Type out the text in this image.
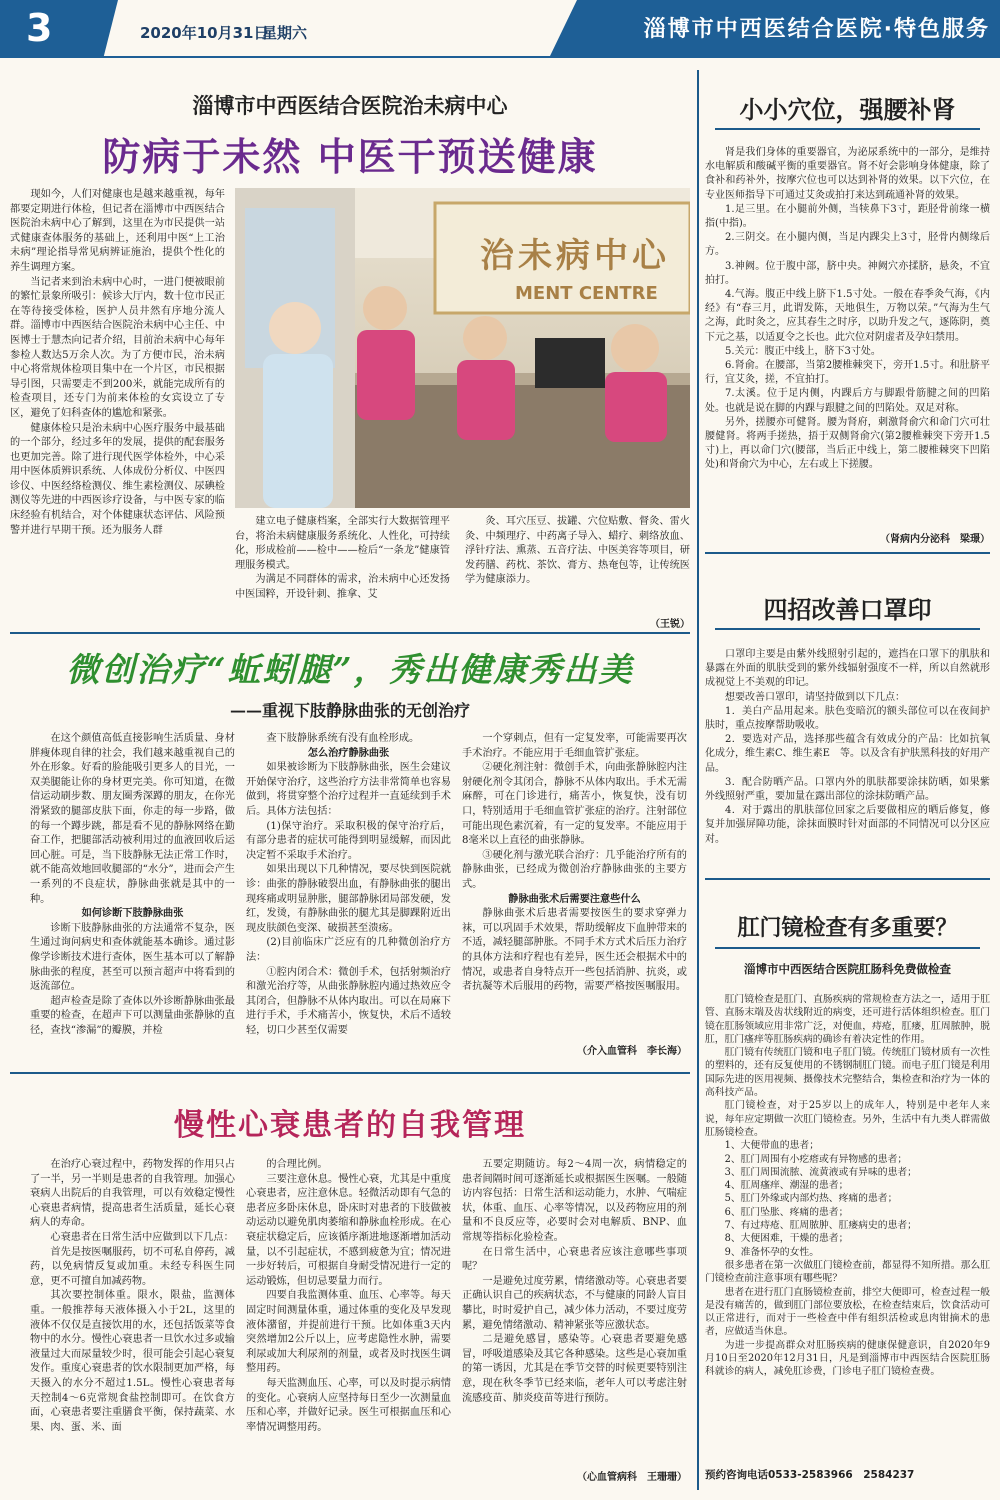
3	2020年10月31日
星期六	淄博市中西医结合医院·特色服务
淄博市中西医结合医院治未病中心
防病于未然 中医干预送健康
治未病中心
MENT CENTRE
现如今，人们对健康也是越来越重视，每年都要定期进行体检，但记者在淄博市中西医结合医院治未病中心了解到，这里在为市民提供一站式健康查体服务的基础上，还利用中医“上工治未病”理论指导常见病辨证施治，提供个性化的养生调理方案。
当记者来到治未病中心时，一进门便被眼前的繁忙景象所吸引：候诊大厅内，数十位市民正在等待接受体检，医护人员井然有序地分流人群。淄博市中西医结合医院治未病中心主任、中医博士于慧杰向记者介绍，目前治未病中心每年参检人数达5万余人次。为了方便市民，治未病中心将常规体检项目集中在一个片区，市民根据导引图，只需要走不到200米，就能完成所有的检查项目，还专门为前来体检的女宾设立了专区，避免了妇科查体的尴尬和紧张。
健康体检只是治未病中心医疗服务中最基础的一个部分，经过多年的发展，提供的配套服务也更加完善。除了进行现代医学体检外，中心采用中医体质辨识系统、人体成份分析仪、中医四诊仪、中医经络检测仪、维生素检测仪、尿碘检测仪等先进的中西医诊疗设备，与中医专家的临床经验有机结合，对个体健康状态评估、风险预警并进行早期干预。还为服务人群
建立电子健康档案，全部实行大数据管理平台，将治未病健康服务系统化、人性化，可持续化，形成检前——检中——检后“一条龙”健康管理服务模式。
为满足不同群体的需求，治未病中心还发扬中医国粹，开设针刺、推拿、艾
灸、耳穴压豆、拔罐、穴位贴敷、督灸、雷火灸、中频理疗、中药离子导入、蜡疗、刺络放血、浮针疗法、熏蒸、五音疗法、中医美容等项目，研发药膳、药枕、茶饮、膏方、热奄包等，让传统医学为健康添力。
（王锐）
微创治疗“蚯蚓腿”，秀出健康秀出美
——重视下肢静脉曲张的无创治疗
在这个颜值高低直接影响生活质量、身材胖瘦体现自律的社会，我们越来越重视自己的外在形象。好看的脸能吸引更多人的目光，一双美腿能让你的身材更完美。你可知道，在微信运动刷步数、朋友圈秀深蹲的朋友，在你光滑紧致的腿部皮肤下面，你走的每一步路，做的每一个蹲步跳，都是看不见的静脉网络在勤奋工作，把腿部活动被利用过的血液回收后运回心脏。可是，当下肢静脉无法正常工作时，就不能高效地回收腿部的“水分”，进而会产生一系列的不良症状，静脉曲张就是其中的一种。
如何诊断下肢静脉曲张
诊断下肢静脉曲张的方法通常不复杂，医生通过询问病史和查体就能基本确诊。通过影像学诊断技术进行查体，医生基本可以了解静脉曲张的程度，甚至可以预言超声中将看到的返流部位。
超声检查是除了查体以外诊断静脉曲张最重要的检查，在超声下可以测量曲张静脉的直径，查找“渗漏”的瓣膜，并检
查下肢静脉系统有没有血栓形成。
怎么治疗静脉曲张
如果被诊断为下肢静脉曲张，医生会建议开始保守治疗，这些治疗方法非常简单也容易做到，将贯穿整个治疗过程并一直延续到手术后。具体方法包括：
(1)保守治疗。采取积极的保守治疗后，有部分患者的症状可能得到明显缓解，而因此决定暂不采取手术治疗。
如果出现以下几种情况，要尽快到医院就诊：曲张的静脉破裂出血，有静脉曲张的腿出现疼痛或明显肿胀，腿部静脉团局部发硬，发红，发烫，有静脉曲张的腿尤其是脚踝附近出现皮肤颜色变深、破损甚至溃疡。
(2)目前临床广泛应有的几种微创治疗方法：
①腔内闭合术：微创手术，包括射频治疗和激光治疗等，从曲张静脉腔内通过热效应令其闭合，但静脉不从体内取出。可以在局麻下进行手术，手术痛苦小，恢复快，术后不适较轻，切口少甚至仅需要
一个穿刺点，但有一定复发率，可能需要再次手术治疗。不能应用于毛细血管扩张症。
②硬化剂注射：微创手术，向曲张静脉腔内注射硬化剂令其闭合，静脉不从体内取出。手术无需麻醉，可在门诊进行，痛苦小，恢复快，没有切口，特别适用于毛细血管扩张症的治疗。注射部位可能出现色素沉着，有一定的复发率。不能应用于8毫米以上直径的曲张静脉。
③硬化剂与激光联合治疗：几乎能治疗所有的静脉曲张，已经成为微创治疗静脉曲张的主要方式。
静脉曲张术后需要注意些什么
静脉曲张术后患者需要按医生的要求穿弹力袜，可以巩固手术效果，帮助缓解皮下血肿带来的不适，减轻腿部肿胀。不同手术方式术后压力治疗的具体方法和疗程也有差异，医生还会根据术中的情况，或患者自身特点开一些包括消肿、抗炎，或者抗凝等术后服用的药物，需要严格按医嘱服用。
（介入血管科　李长海）
慢性心衰患者的自我管理
在治疗心衰过程中，药物发挥的作用只占了一半，另一半则是患者的自我管理。加强心衰病人出院后的自我管理，可以有效稳定慢性心衰患者病情，提高患者生活质量，延长心衰病人的寿命。
心衰患者在日常生活中应做到以下几点：
首先是按医嘱服药，切不可私自停药，减药，以免病情反复或加重。未经专科医生同意，更不可擅自加减药物。
其次要控制体重。限水，限盐，监测体重。一般推荐每天液体摄入小于2L，这里的液体不仅仅是直接饮用的水，还包括饭菜等食物中的水分。慢性心衰患者一旦饮水过多或输液量过大而尿量较少时，很可能会引起心衰复发作。重度心衰患者的饮水限制更加严格，每天摄入的水分不超过1.5L。慢性心衰患者每天控制4～6克常规食盐控制即可。在饮食方面，心衰患者要注重膳食平衡，保持蔬菜、水果、肉、蛋、米、面
的合理比例。
三要注意休息。慢性心衰，尤其是中重度心衰患者，应注意休息。轻微活动即有气急的患者应多卧床休息，卧床时对患者的下肢做被动运动以避免肌肉萎缩和静脉血栓形成。在心衰症状稳定后，应该循序渐进地逐渐增加活动量，以不引起症状，不感到疲惫为宜；情况进一步好转后，可根据自身耐受情况进行一定的运动锻炼，但切忌要量力而行。
四要自我监测体重、血压、心率等。每天固定时间测量体重，通过体重的变化及早发现液体潴留，并提前进行干预。比如体重3天内突然增加2公斤以上，应考虑隐性水肿，需要利尿或加大利尿剂的剂量，或者及时找医生调整用药。
每天监测血压、心率，可以及时提示病情的变化。心衰病人应坚持每日至少一次测量血压和心率，并做好记录。医生可根据血压和心率情况调整用药。
五要定期随访。每2～4周一次，病情稳定的患者间隔时间可逐渐延长或根据医生医嘱。一般随访内容包括：日常生活和运动能力，水肿、气喘症状，体重、血压、心率等情况，以及药物应用的剂量和不良反应等，必要时会对电解质、BNP、血常规等指标化验检查。
在日常生活中，心衰患者应该注意哪些事项呢？
一是避免过度劳累，情绪激动等。心衰患者要正确认识自己的疾病状态，不与健康的同龄人盲目攀比，时时爱护自己，减少体力活动，不要过度劳累，避免情绪激动、精神紧张等应激状态。
二是避免感冒，感染等。心衰患者要避免感冒，呼吸道感染及其它各种感染。这些是心衰加重的第一诱因，尤其是在季节交替的时候更要特别注意，现在秋冬季节已经来临，老年人可以考虑注射流感疫苗、肺炎疫苗等进行预防。
（心血管病科　王珊珊）
小小穴位，强腰补肾
肾是我们身体的重要器官，为泌尿系统中的一部分，是维持水电解质和酸碱平衡的重要器官。肾不好会影响身体健康，除了食补和药补外，按摩穴位也可以达到补肾的效果。以下穴位，在专业医师指导下可通过艾灸或拍打来达到疏通补肾的效果。
1.足三里。在小腿前外侧，当犊鼻下3寸，距胫骨前缘一横指(中指)。
2.三阴交。在小腿内侧，当足内踝尖上3寸，胫骨内侧缘后方。
3.神阙。位于腹中部，脐中央。神阙穴亦揉脐，悬灸，不宜拍打。
4.气海。腹正中线上脐下1.5寸处。一般在春季灸气海，《内经》有“春三月，此谓发陈，天地俱生，万物以荣。”气海为生气之海，此时灸之，应其春生之时序，以助升发之气，逐陈阴，奠下元之基，以适夏令之长也。此穴位对阴虚者及孕妇禁用。
5.关元：腹正中线上，脐下3寸处。
6.肾俞。在腰部，当第2腰椎棘突下，旁开1.5寸。和肚脐平行，宜艾灸，搓，不宜拍打。
7.太溪。位于足内侧，内踝后方与脚跟骨筋腱之间的凹陷处。也就是说在脚的内踝与跟腱之间的凹陷处。双足对称。
另外，搓腰亦可健肾。腰为肾府，刺激肾俞穴和命门穴可壮腰健肾。将两手搓热，捂于双侧肾俞穴(第2腰椎棘突下旁开1.5寸)上，再以命门穴(腰部，当后正中线上，第二腰椎棘突下凹陷处)和肾俞穴为中心，左右或上下搓腰。
（肾病内分泌科　梁璟）
四招改善口罩印
口罩印主要是由紫外线照射引起的，遮挡在口罩下的肌肤和暴露在外面的肌肤受到的紫外线辐射强度不一样，所以自然就形成视觉上不美观的印记。
想要改善口罩印，请坚持做到以下几点：
1．美白产品用起来。肤色变暗沉的额头部位可以在夜间护肤时，重点按摩帮助吸收。
2．要选对产品，选择那些蕴含有效成分的产品：比如抗氧化成分，维生素C、维生素E　等。以及含有护肤黑科技的好用产品。
3．配合防晒产品。口罩内外的肌肤都要涂抹防晒，如果紫外线照射严重，要加量在露出部位的涂抹防晒产品。
4．对于露出的肌肤部位回家之后要做相应的晒后修复，修复并加强屏障功能，涂抹面膜时针对面部的不同情况可以分区应对。
肛门镜检查有多重要？
淄博市中西医结合医院肛肠科免费做检查
肛门镜检查是肛门、直肠疾病的常规检查方法之一，适用于肛管、直肠末端及齿状线附近的病变，还可进行活体组织检查。肛门镜在肛肠领域应用非常广泛，对便血，痔疮，肛瘘，肛周脓肿，脱肛，肛门瘙痒等肛肠疾病的确诊有着决定性的作用。
肛门镜有传统肛门镜和电子肛门镜。传统肛门镜材质有一次性的塑料的，还有反复使用的不锈钢制肛门镜。而电子肛门镜是利用国际先进的医用视频、摄像技术完整结合，集检查和治疗为一体的高科技产品。
肛门镜检查，对于25岁以上的成年人，特别是中老年人来说，每年应定期做一次肛门镜检查。另外，生活中有九类人群需做肛肠镜检查。
1、大便带血的患者；
2、肛门周围有小疙瘩或有异物感的患者；
3、肛门周围流脓、流黄液或有异味的患者；
4、肛周瘙痒、潮湿的患者；
5、肛门外缘或内部灼热、疼痛的患者；
6、肛门坠胀、疼痛的患者；
7、有过痔疮、肛周脓肿、肛瘘病史的患者；
8、大便困难，干燥的患者；
9、准备怀孕的女性。
很多患者在第一次做肛门镜检查前，都显得不知所措。那么肛门镜检查前注意事项有哪些呢？
患者在进行肛门直肠镜检查前，排空大便即可，检查过程一般是没有痛苦的，做到肛门部位要放松，在检查结束后，饮食活动可以正常进行，而对于一些检查中伴有组织活检或息肉钳摘术的患者，应做适当休息。
为进一步提高群众对肛肠疾病的健康保健意识，自2020年9月10日至2020年12月31日，凡是到淄博市中西医结合医院肛肠科就诊的病人，减免肛诊费，门诊电子肛门镜检查费。
预约咨询电话0533-2583966　2584237
